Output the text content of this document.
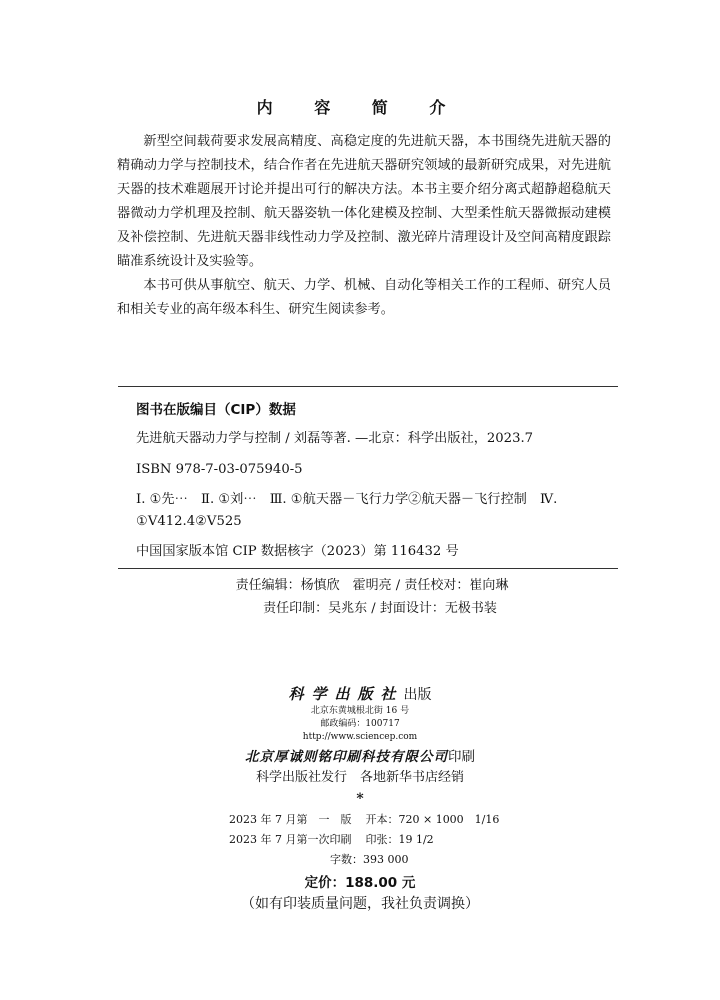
内 容 简 介

新型空间载荷要求发展高精度、高稳定度的先进航天器，本书围绕先进航天器的精确动力学与控制技术，结合作者在先进航天器研究领域的最新研究成果，对先进航天器的技术难题展开讨论并提出可行的解决方法。本书主要介绍分离式超静超稳航天器微动力学机理及控制、航天器姿轨一体化建模及控制、大型柔性航天器微振动建模及补偿控制、先进航天器非线性动力学及控制、激光碎片清理设计及空间高精度跟踪瞄准系统设计及实验等。

本书可供从事航空、航天、力学、机械、自动化等相关工作的工程师、研究人员和相关专业的高年级本科生、研究生阅读参考。

图书在版编目（CIP）数据
先进航天器动力学与控制 / 刘磊等著. —北京：科学出版社，2023.7
ISBN 978-7-03-075940-5
Ⅰ. ①先⋯　Ⅱ. ①刘⋯　Ⅲ. ①航天器－飞行力学②航天器－飞行控制　Ⅳ. ①V412.4②V525
中国国家版本馆 CIP 数据核字（2023）第 116432 号
责任编辑：杨慎欣　霍明亮 / 责任校对：崔向琳
责任印制：吴兆东 / 封面设计：无极书装
科学出版社出版
北京东黄城根北街 16 号
邮政编码：100717
http://www.sciencep.com
北京厚诚则铭印刷科技有限公司印刷
科学出版社发行　各地新华书店经销
*
2023 年 7 月第　一　版 开本：720 × 1000　1/16
2023 年 7 月第一次印刷 印张：19 1/2
字数：393 000
定价：188.00 元
（如有印装质量问题，我社负责调换）
